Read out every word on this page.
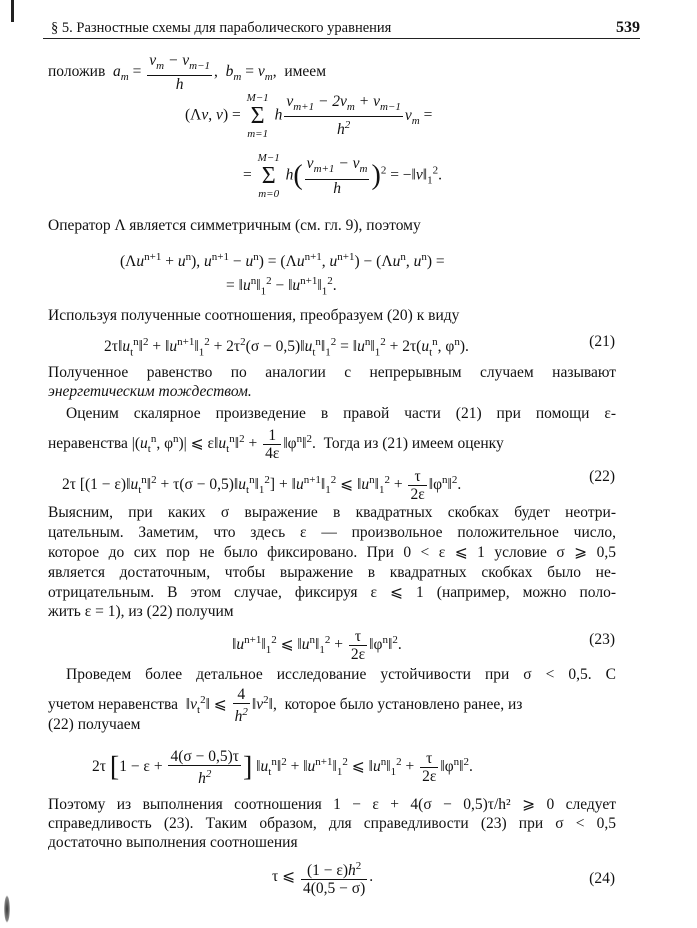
§ 5. Разностные схемы для параболического уравнения	539
положив $a_m = \frac{v_m - v_{m-1}}{h}$ ,  $b_m = v_m$,  имеем
(Λv, v) =
M−1
Σ
m=1
h $\frac{v_{m+1} - 2v_m + v_{m-1}}{h^2} v_m$ =
=
M−1
Σ
m=0
$h( \frac{v_{m+1} - v_m}{h} )^2$ = $-‖v‖_1^2$.
Оператор Λ является симметричным (см. гл. 9), поэтому
$(\Lambda u^{n+1} + u^n)$, $u^{n+1} - u^n) = (\Lambda u^{n+1}$, $u^{n+1}) - (\Lambda u^n$, $u^n$) =
= $‖u^n‖_1^2$ − $‖u^{n+1}‖_1^2$.
Используя полученные соотношения, преобразуем (20) к виду
$2\tau‖u_t^n‖^2$ + $‖u^{n+1}‖_1^2 + 2\tau^2(\sigma$ − $0,5)‖u_t^n‖_1^2$ = $‖u^n‖_1^2 + 2\tau(u_t^n$, $\varphi^n$).	(21)
Полученное равенство по аналогии с непрерывным случаем называют
энергетическим тождеством.
Оценим скалярное произведение в правой части (21) при помощи ε-
неравенства $|(u_t^n$, $\varphi^n)|$ ⩽ $\varepsilon‖u_t^n‖^2 + \frac{1}{4\varepsilon}$ $‖\varphi^n‖^2$.  Тогда из (21) имеем оценку
2τ [$(1 - \varepsilon)‖u_t^n‖^2 + \tau(\sigma$ − $0,5)‖u_t^n‖_1^2$] + $‖u^{n+1}‖_1^2$ ⩽ $‖u^n‖_1^2 + \frac{\tau}{2\varepsilon}$ $‖\varphi^n‖^2$.	(22)
Выясним, при каких σ выражение в квадратных скобках будет неотри-
цательным. Заметим, что здесь ε — произвольное положительное число,
которое до сих пор не было фиксировано. При 0 < ε ⩽ 1 условие σ ⩾ 0,5
является достаточным, чтобы выражение в квадратных скобках было не-
отрицательным. В этом случае, фиксируя ε ⩽ 1 (например, можно поло-
жить ε = 1), из (22) получим
$‖u^{n+1}‖_1^2$ ⩽ $‖u^n‖_1^2 + \frac{\tau}{2\varepsilon}$ $‖\varphi^n‖^2$.	(23)
Проведем более детальное исследование устойчивости при σ < 0,5. С
учетом неравенства  $‖v_t^2‖$ ⩽ $\frac{4}{h^2}$ $‖v^2‖$,  которое было установлено ранее, из
(22) получаем
2τ [$1 - \varepsilon + \frac{4(\sigma - 0,5)\tau}{h^2}$ ] $‖u_t^n‖^2$ + $‖u^{n+1}‖_1^2$ ⩽ $‖u^n‖_1^2 + \frac{\tau}{2\varepsilon}$ $‖\varphi^n‖^2$.
Поэтому из выполнения соотношения 1 − ε + 4(σ − 0,5)τ/h² ⩾ 0 следует
справедливость (23). Таким образом, для справедливости (23) при σ < 0,5
достаточно выполнения соотношения
τ ⩽ $\frac{(1 - \varepsilon)h^2}{4(0,5 - \sigma)}$ .	(24)
